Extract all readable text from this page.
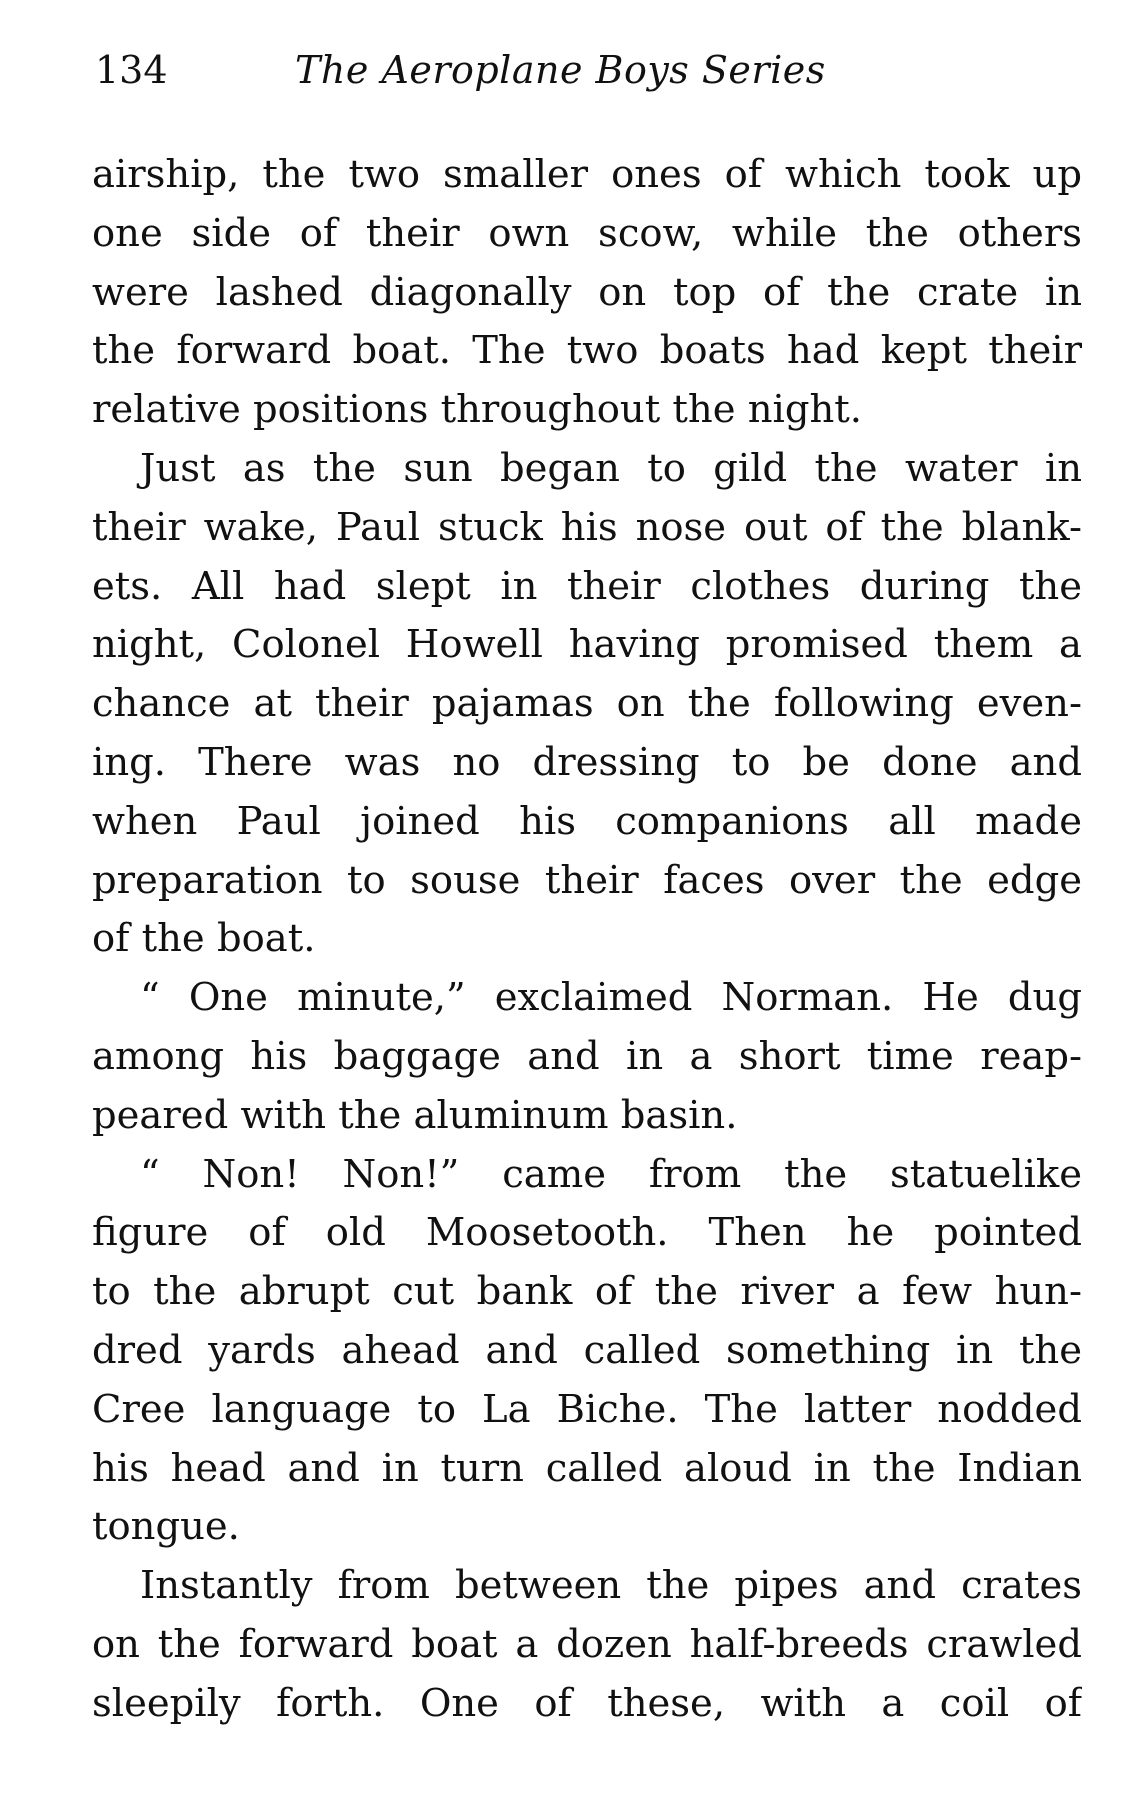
134	The Aeroplane Boys Series
airship, the two smaller ones of which took up
one side of their own scow, while the others
were lashed diagonally on top of the crate in
the forward boat. The two boats had kept their
relative positions throughout the night.
Just as the sun began to gild the water in
their wake, Paul stuck his nose out of the blank-
ets. All had slept in their clothes during the
night, Colonel Howell having promised them a
chance at their pajamas on the following even-
ing. There was no dressing to be done and
when Paul joined his companions all made
preparation to souse their faces over the edge
of the boat.
“ One minute,” exclaimed Norman. He dug
among his baggage and in a short time reap-
peared with the aluminum basin.
“ Non! Non!” came from the statuelike
figure of old Moosetooth. Then he pointed
to the abrupt cut bank of the river a few hun-
dred yards ahead and called something in the
Cree language to La Biche. The latter nodded
his head and in turn called aloud in the Indian
tongue.
Instantly from between the pipes and crates
on the forward boat a dozen half-breeds crawled
sleepily forth. One of these, with a coil of
